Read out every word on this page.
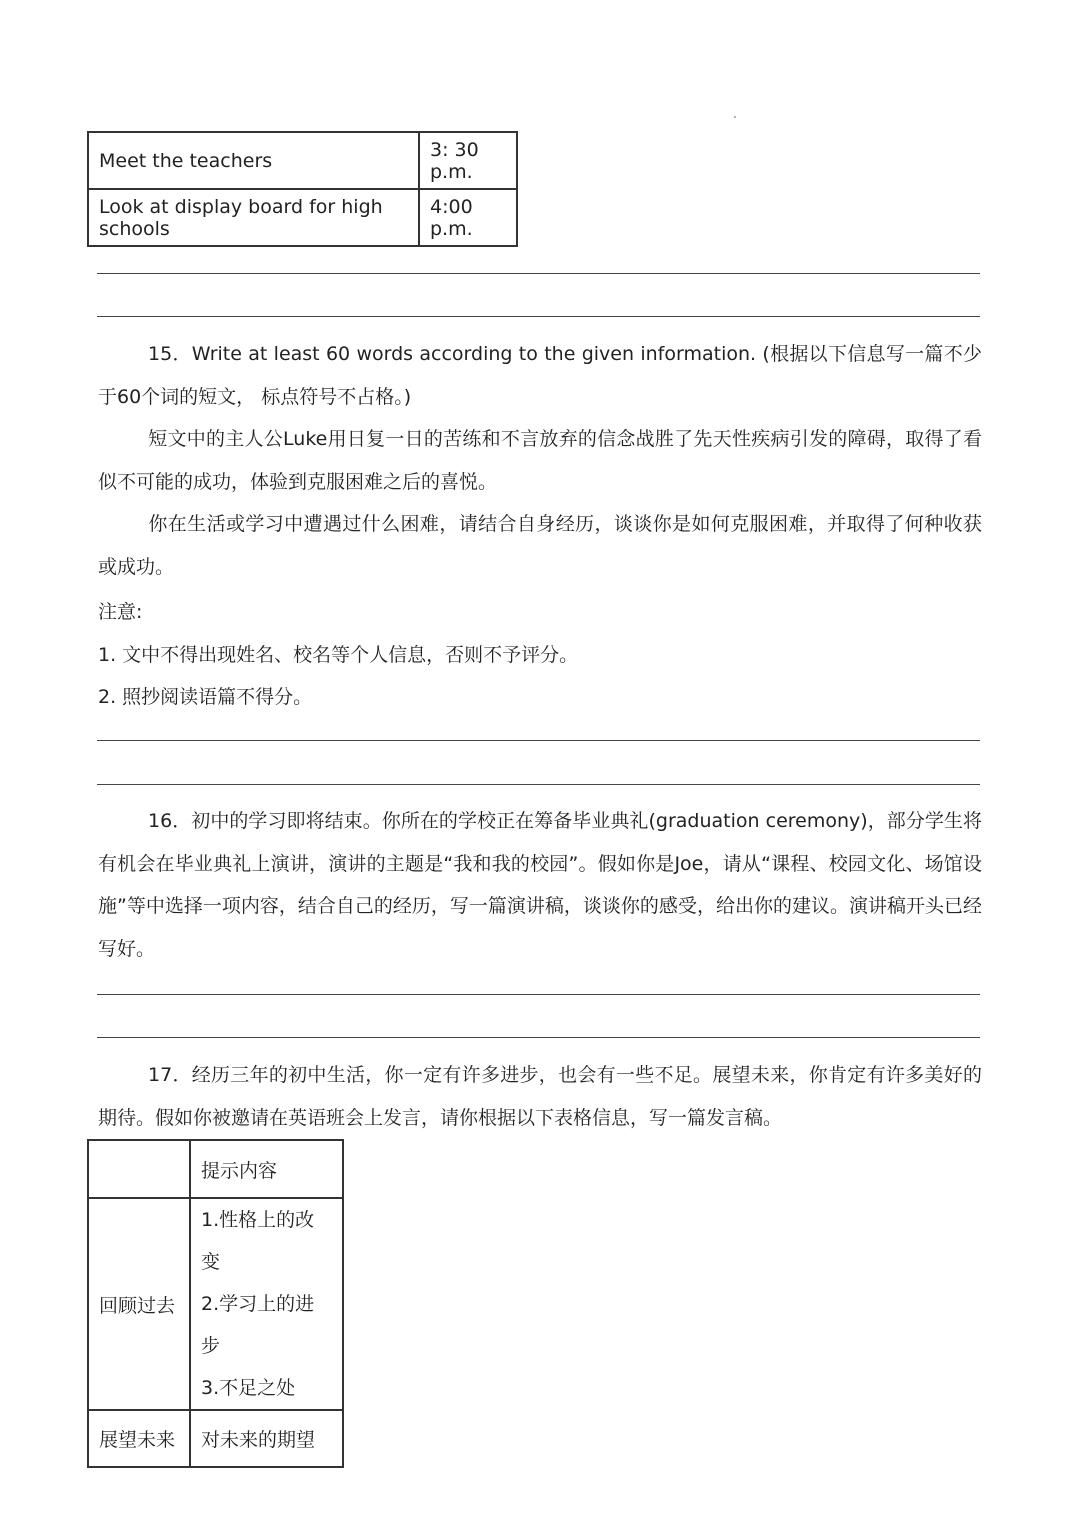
Meet the teachers	3: 30 p.m.
Look at display board for high schools	4:00 p.m.
15．Write at least 60 words according to the given information. (根据以下信息写一篇不少于60个词的短文， 标点符号不占格。)
短文中的主人公Luke用日复一日的苦练和不言放弃的信念战胜了先天性疾病引发的障碍，取得了看似不可能的成功，体验到克服困难之后的喜悦。
你在生活或学习中遭遇过什么困难，请结合自身经历，谈谈你是如何克服困难，并取得了何种收获或成功。
注意:
1. 文中不得出现姓名、校名等个人信息，否则不予评分。
2. 照抄阅读语篇不得分。
16．初中的学习即将结束。你所在的学校正在筹备毕业典礼(graduation ceremony)，部分学生将有机会在毕业典礼上演讲，演讲的主题是“我和我的校园”。假如你是Joe，请从“课程、校园文化、场馆设施”等中选择一项内容，结合自己的经历，写一篇演讲稿，谈谈你的感受，给出你的建议。演讲稿开头已经写好。
17．经历三年的初中生活，你一定有许多进步，也会有一些不足。展望未来，你肯定有许多美好的期待。假如你被邀请在英语班会上发言，请你根据以下表格信息，写一篇发言稿。
	提示内容
回顾过去	1.性格上的改变
2.学习上的进步
3.不足之处

展望未来	对未来的期望
